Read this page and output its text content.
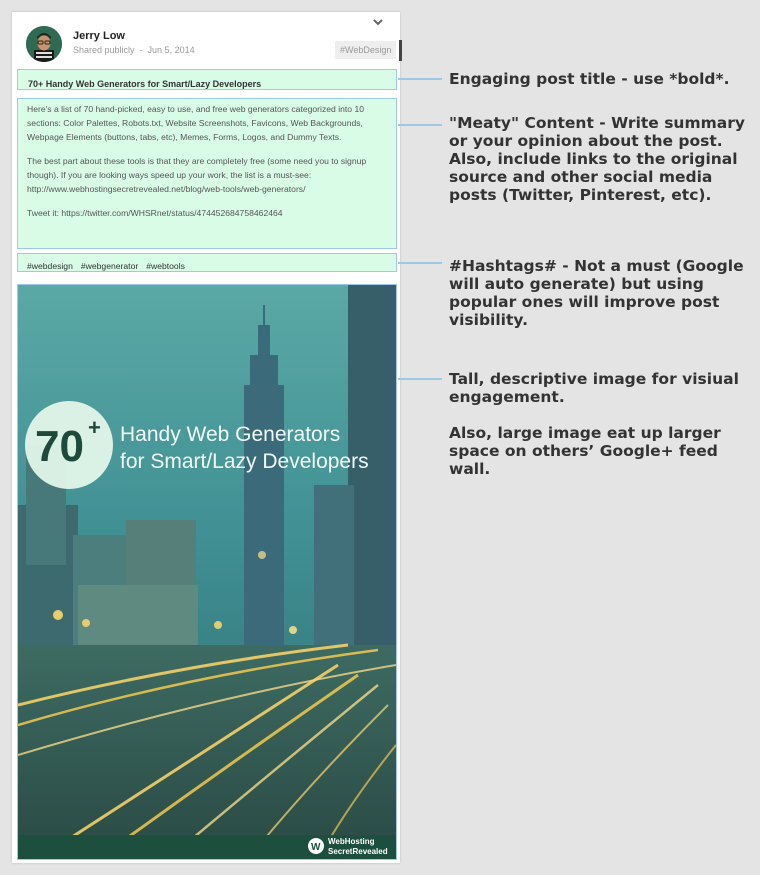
Jerry Low
Shared publicly - Jun 5, 2014	#WebDesign
70+ Handy Web Generators for Smart/Lazy Developers

Here's a list of 70 hand-picked, easy to use, and free web generators categorized into 10 sections: Color Palettes, Robots.txt, Website Screenshots, Favicons, Web Backgrounds, Webpage Elements (buttons, tabs, etc), Memes, Forms, Logos, and Dummy Texts.

The best part about these tools is that they are completely free (some need you to signup though). If you are looking ways speed up your work, the list is a must-see: http://www.webhostingsecretrevealed.net/blog/web-tools/web-generators/

Tweet it: https://twitter.com/WHSRnet/status/474452684758462464

#webdesign #webgenerator #webtools
70 + Handy Web Generators
for Smart/Lazy Developers
W
WebHosting
SecretRevealed

Engaging post title - use *bold*.

"Meaty" Content - Write summary or your opinion about the post. Also, include links to the original source and other social media posts (Twitter, Pinterest, etc).

#Hashtags# - Not a must (Google will auto generate) but using popular ones will improve post visibility.

Tall, descriptive image for visiual engagement.

Also, large image eat up larger space on others’ Google+ feed wall.
